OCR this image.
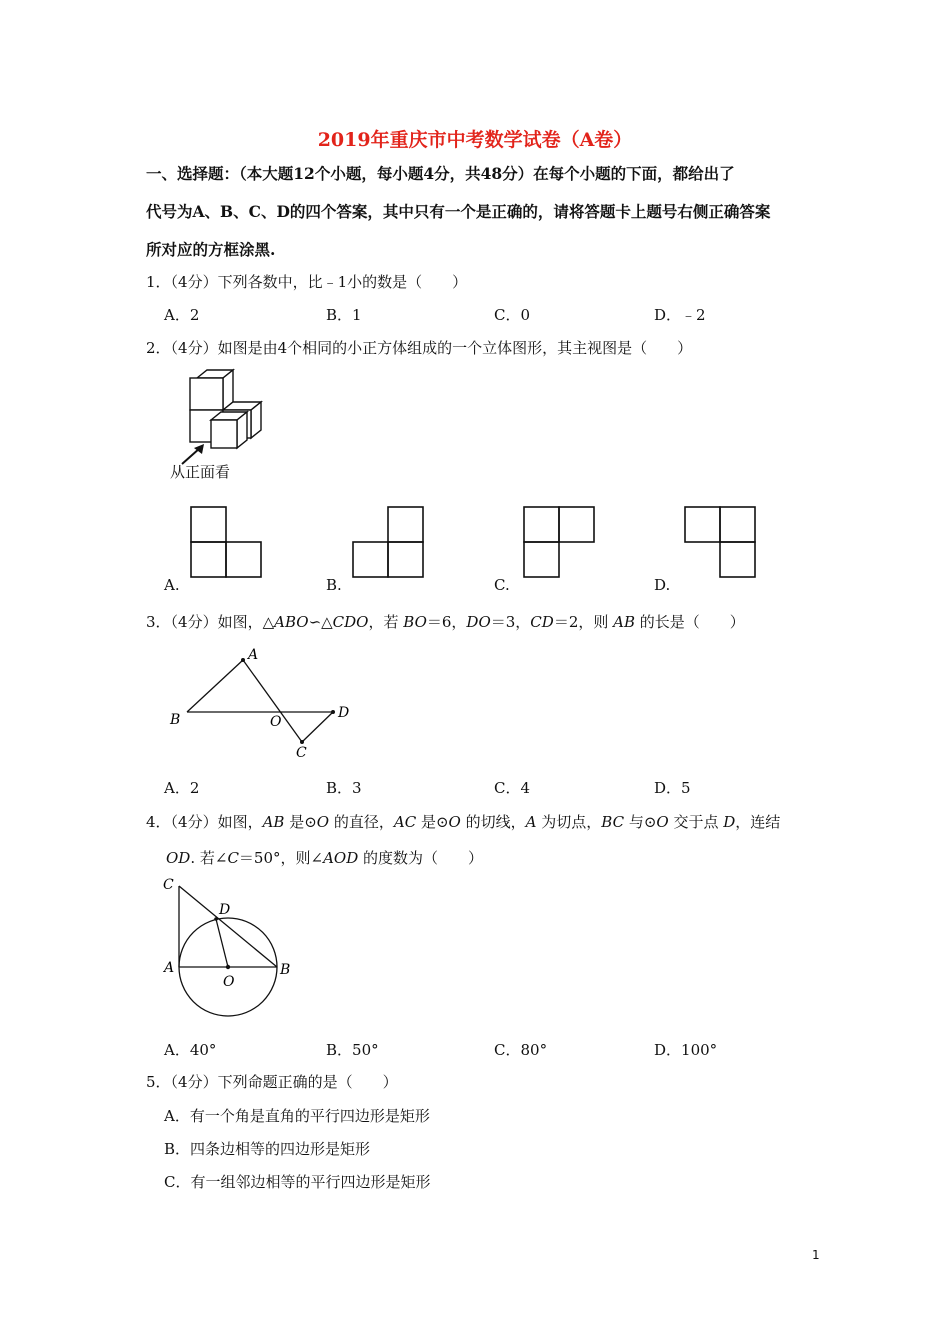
2019年重庆市中考数学试卷（A卷）
一、选择题：（本大题12个小题，每小题4分，共48分）在每个小题的下面，都给出了
代号为A、B、C、D的四个答案，其中只有一个是正确的，请将答题卡上题号右侧正确答案
所对应的方框涂黑.
1．（4分）下列各数中，比﹣1小的数是（　　）
A．2	B．1	C．0	D．﹣2
2．（4分）如图是由4个相同的小正方体组成的一个立体图形，其主视图是（　　）
从正面看
A.	B.	C.	D.
3．（4分）如图，△ABO∽△CDO，若 BO＝6，DO＝3，CD＝2，则 AB 的长是（　　）
A
B	O
D
C
A．2	B．3	C．4	D．5
4．（4分）如图，AB 是⊙O 的直径，AC 是⊙O 的切线，A 为切点，BC 与⊙O 交于点 D，连结
OD. 若∠C＝50°，则∠AOD 的度数为（　　）
C
D
A
O
B
A．40°	B．50°	C．80°	D．100°
5．（4分）下列命题正确的是（　　）
A．有一个角是直角的平行四边形是矩形
B．四条边相等的四边形是矩形
C．有一组邻边相等的平行四边形是矩形
1
